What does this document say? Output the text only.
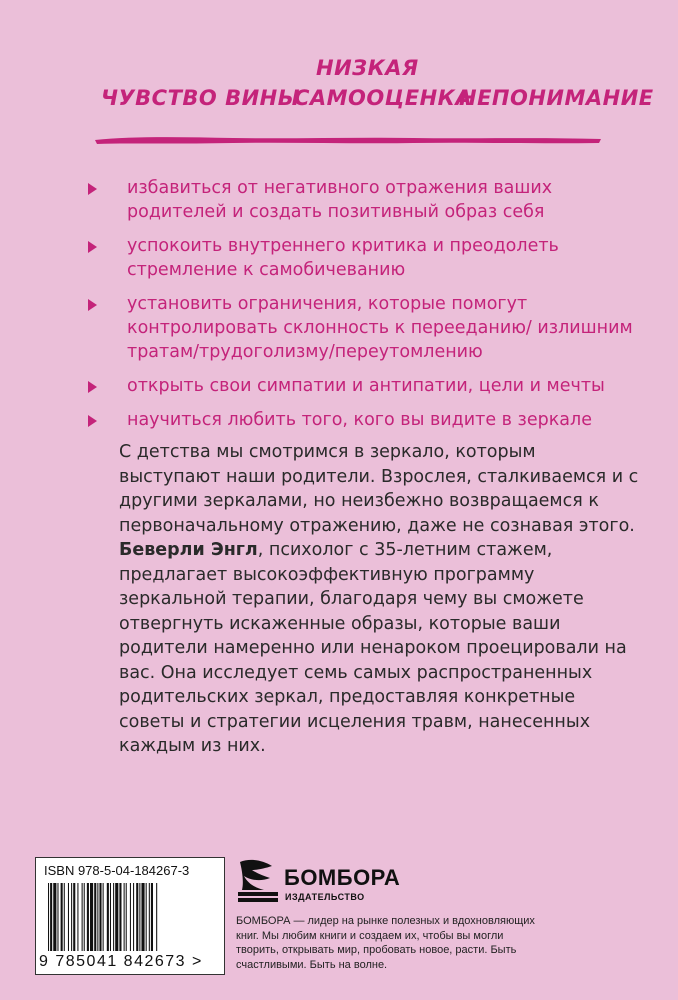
ЧУВСТВО ВИНЫ
НИЗКАЯ
САМООЦЕНКА
НЕПОНИМАНИЕ
избавиться от негативного отражения ваших родителей и создать позитивный образ себя
успокоить внутреннего критика и преодолеть стремление к самобичеванию
установить ограничения, которые помогут контролировать склонность к перееданию/ излишним тратам/трудоголизму/переутомлению
открыть свои симпатии и антипатии, цели и мечты
научиться любить того, кого вы видите в зеркале

С детства мы смотримся в зеркало, которым выступают наши родители. Взрослея, сталкиваемся и с другими зеркалами, но неизбежно возвращаемся к первоначальному отражению, даже не сознавая этого.

Беверли Энгл, психолог с 35-летним стажем, предлагает высокоэффективную программу зеркальной терапии, благодаря чему вы сможете отвергнуть искаженные образы, которые ваши родители намеренно или ненароком проецировали на вас. Она исследует семь самых распространенных родительских зеркал, предоставляя конкретные советы и стратегии исцеления травм, нанесенных каждым из них.

ISBN 978-5-04-184267-3
9 785041 842673 >
БОМБОРА
ИЗДАТЕЛЬСТВО
БОМБОРА — лидер на рынке полезных и вдохновляющих книг. Мы любим книги и создаем их, чтобы вы могли творить, открывать мир, пробовать новое, расти. Быть счастливыми. Быть на волне.
